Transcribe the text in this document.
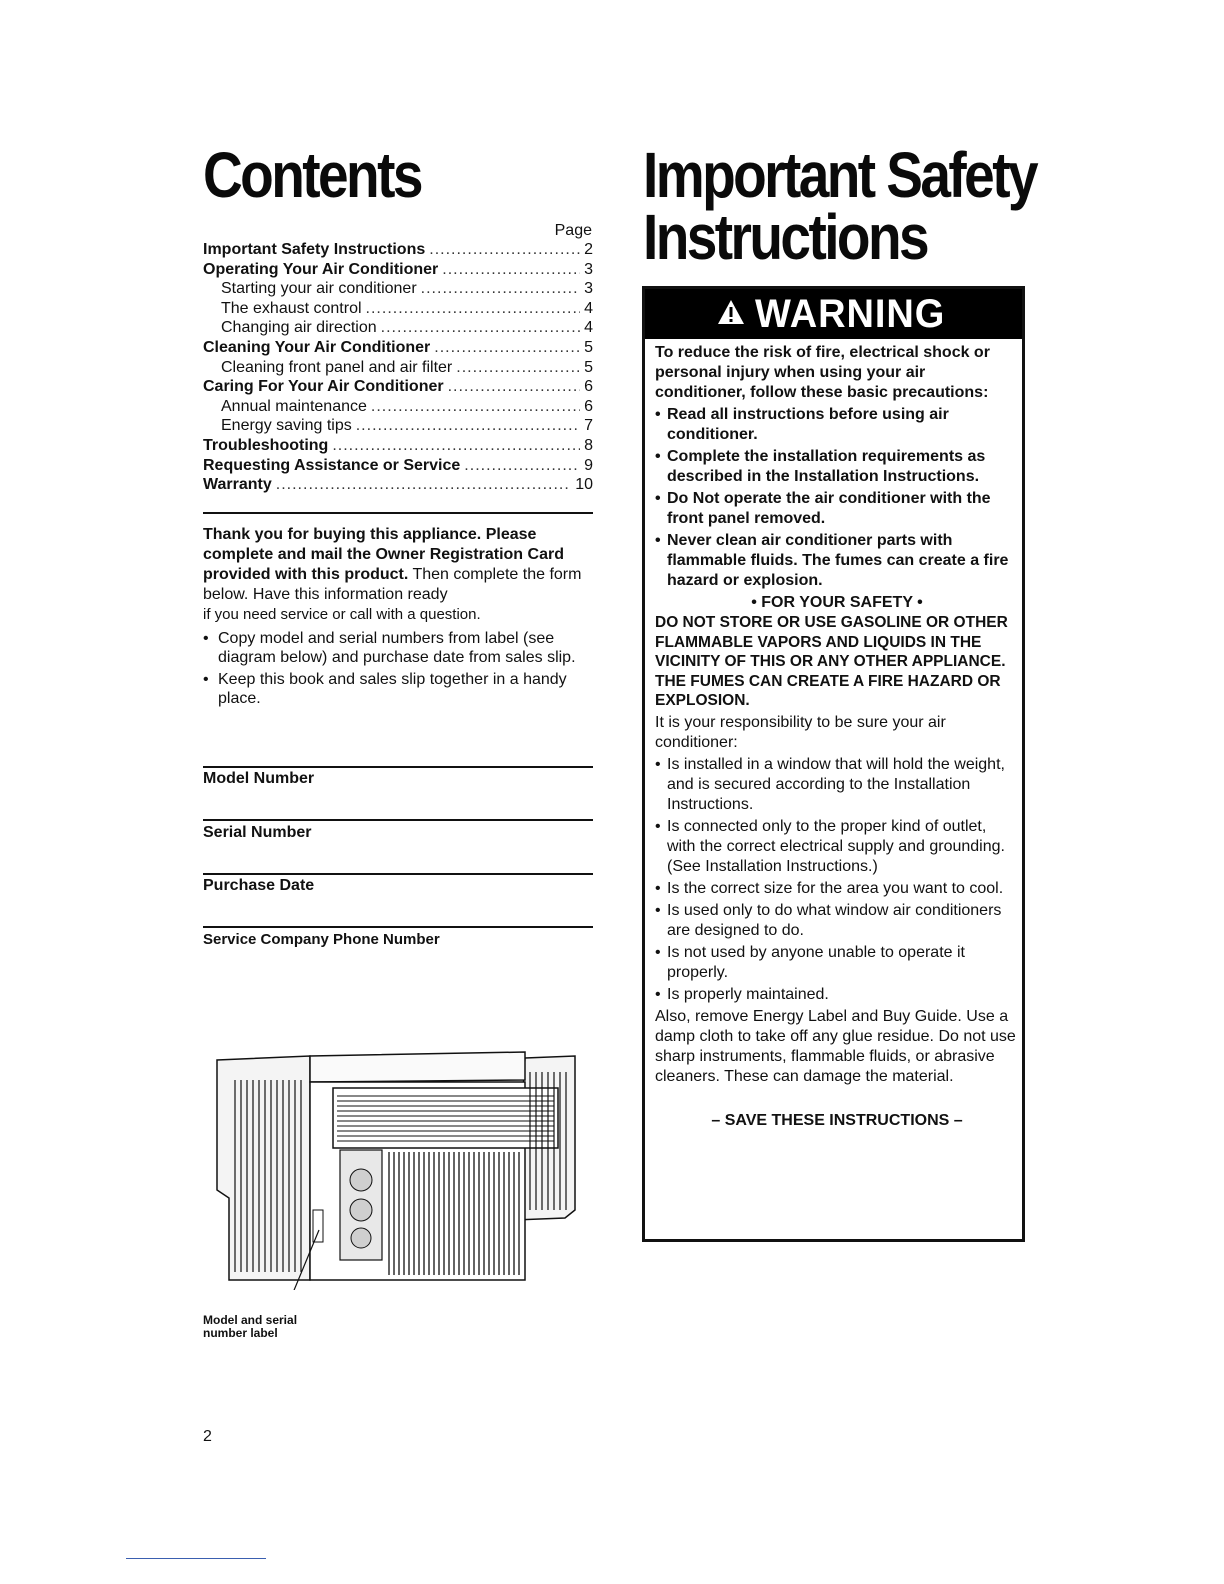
Contents
Page
Important Safety Instructions .....	2
Operating Your Air Conditioner .....	3
Starting your air conditioner .....	3
The exhaust control .....	4
Changing air direction .....	4
Cleaning Your Air Conditioner .....	5
Cleaning front panel and air filter .....	5
Caring For Your Air Conditioner .....	6
Annual maintenance .....	6
Energy saving tips .....	7
Troubleshooting .....	8
Requesting Assistance or Service .....	9
Warranty .....	10
Thank you for buying this appliance. Please complete and mail the Owner Registration Card provided with this product. Then complete the form below. Have this information ready
if you need service or call with a question.
• Copy model and serial numbers from label (see diagram below) and purchase date from sales slip.
• Keep this book and sales slip together in a handy place.
Model Number
Serial Number
Purchase Date
Service Company Phone Number
Model and serial
number label
2
Important Safety
Instructions
WARNING
To reduce the risk of fire, electrical shock or personal injury when using your air conditioner, follow these basic precautions:
• Read all instructions before using air conditioner.
• Complete the installation requirements as described in the Installation Instructions.
• Do Not operate the air conditioner with the front panel removed.
• Never clean air conditioner parts with flammable fluids. The fumes can create a fire hazard or explosion.
• FOR YOUR SAFETY •
DO NOT STORE OR USE GASOLINE OR OTHER FLAMMABLE VAPORS AND LIQUIDS IN THE VICINITY OF THIS OR ANY OTHER APPLIANCE. THE FUMES CAN CREATE A FIRE HAZARD OR EXPLOSION.
It is your responsibility to be sure your air conditioner:
• Is installed in a window that will hold the weight, and is secured according to the Installation Instructions.
• Is connected only to the proper kind of outlet, with the correct electrical supply and grounding. (See Installation Instructions.)
• Is the correct size for the area you want to cool.
• Is used only to do what window air conditioners are designed to do.
• Is not used by anyone unable to operate it properly.
• Is properly maintained.
Also, remove Energy Label and Buy Guide. Use a damp cloth to take off any glue residue. Do not use sharp instruments, flammable fluids, or abrasive cleaners. These can damage the material.
– SAVE THESE INSTRUCTIONS –
